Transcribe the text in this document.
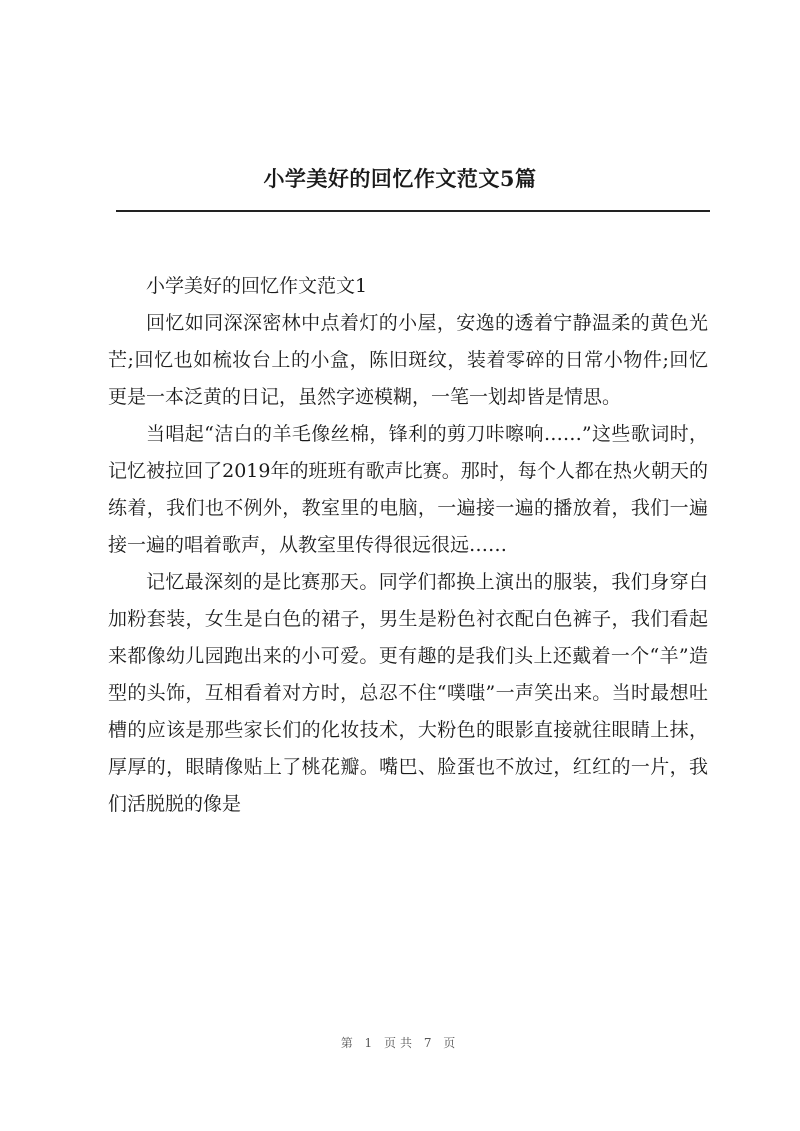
小学美好的回忆作文范文5篇

小学美好的回忆作文范文1

回忆如同深深密林中点着灯的小屋，安逸的透着宁静温柔的黄色光芒;回忆也如梳妆台上的小盒，陈旧斑纹，装着零碎的日常小物件;回忆更是一本泛黄的日记，虽然字迹模糊，一笔一划却皆是情思。

当唱起“洁白的羊毛像丝棉，锋利的剪刀咔嚓响……”这些歌词时，记忆被拉回了2019年的班班有歌声比赛。那时，每个人都在热火朝天的练着，我们也不例外，教室里的电脑，一遍接一遍的播放着，我们一遍接一遍的唱着歌声，从教室里传得很远很远……

记忆最深刻的是比赛那天。同学们都换上演出的服装，我们身穿白加粉套装，女生是白色的裙子，男生是粉色衬衣配白色裤子，我们看起来都像幼儿园跑出来的小可爱。更有趣的是我们头上还戴着一个“羊”造型的头饰，互相看着对方时，总忍不住“噗嗤”一声笑出来。当时最想吐槽的应该是那些家长们的化妆技术，大粉色的眼影直接就往眼睛上抹，厚厚的，眼睛像贴上了桃花瓣。嘴巴、脸蛋也不放过，红红的一片，我们活脱脱的像是

第 1 页共 7 页
